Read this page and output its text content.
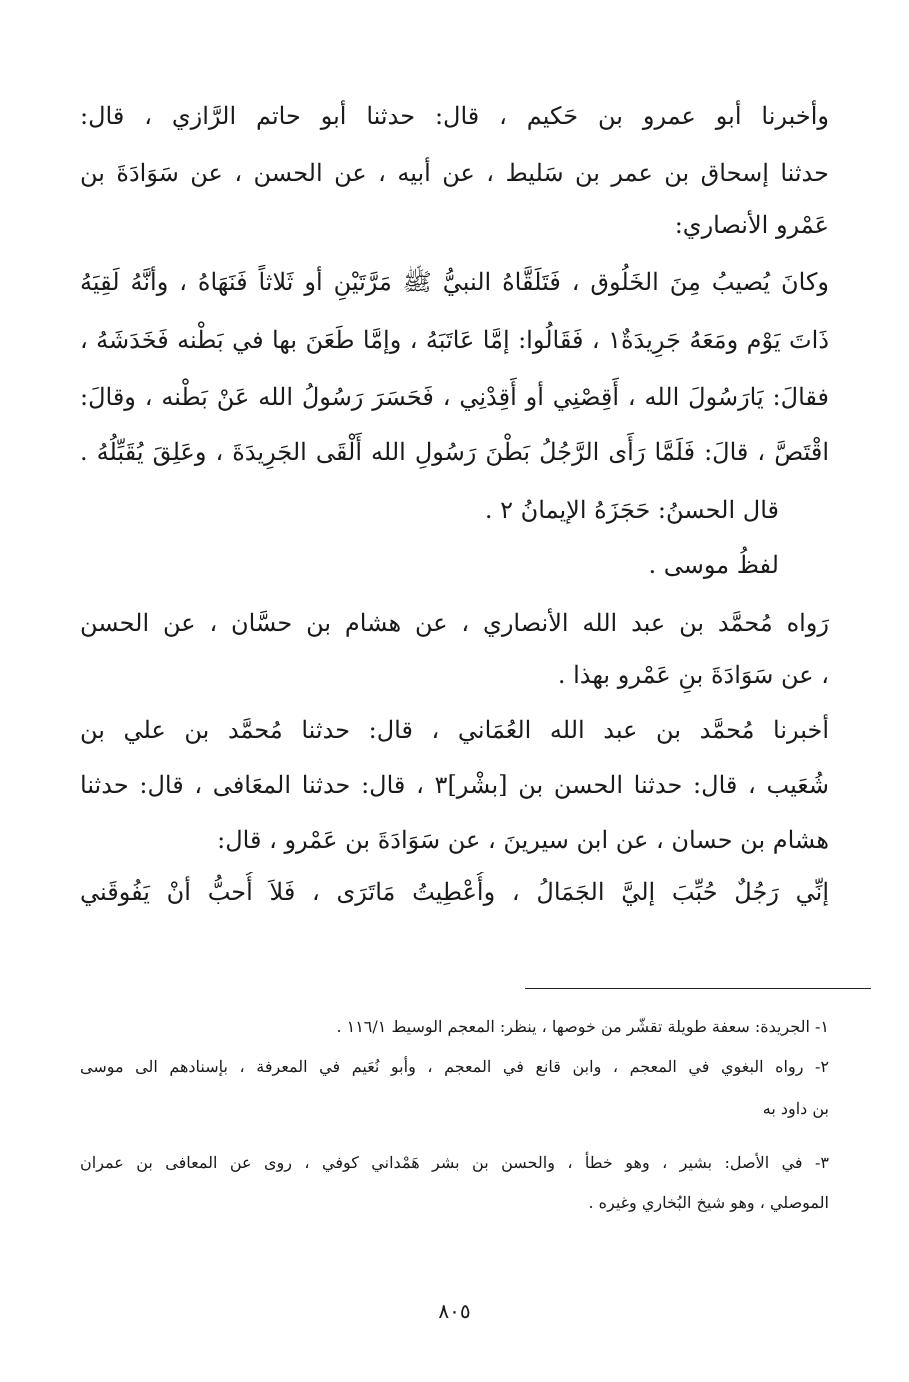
وأخبرنا أبو عمرو بن حَكيم ، قال: حدثنا أبو حاتم الرَّازي ، قال:
حدثنا إسحاق بن عمر بن سَليط ، عن أبيه ، عن الحسن ، عن سَوَادَةَ بن
عَمْرو الأنصاري:
وكانَ يُصيبُ مِنَ الخَلُوق ، فَتَلَقَّاهُ النبيُّ ﷺ مَرَّتَيْنِ أو ثَلاثاً فَنَهَاهُ ، وأنَّهُ لَقِيَهُ
ذَاتَ يَوْم ومَعَهُ جَرِيدَةٌ١ ، فَقَالُوا: إمَّا عَاتَبَهُ ، وإمَّا طَعَنَ بها في بَطْنه فَخَدَشَهُ ،
فقالَ: يَارَسُولَ الله ، أَقِصْنِي أو أَقِدْنِي ، فَحَسَرَ رَسُولُ الله عَنْ بَطْنه ، وقالَ:
اقْتَصَّ ، قالَ: فَلَمَّا رَأَى الرَّجُلُ بَطْنَ رَسُولِ الله أَلْقَى الجَرِيدَةَ ، وعَلِقَ يُقَبِّلُهُ .
قال الحسنُ: حَجَزَهُ الإيمانُ ٢ .
لفظُ موسى .
رَواه مُحمَّد بن عبد الله الأنصاري ، عن هشام بن حسَّان ، عن الحسن
، عن سَوَادَةَ بنِ عَمْرو بهذا .
أخبرنا مُحمَّد بن عبد الله العُمَاني ، قال: حدثنا مُحمَّد بن علي بن
شُعَيب ، قال: حدثنا الحسن بن [بشْر]٣ ، قال: حدثنا المعَافى ، قال: حدثنا
هشام بن حسان ، عن ابن سيرينَ ، عن سَوَادَةَ بن عَمْرو ، قال:
إنِّي رَجُلٌ حُبِّبَ إليَّ الجَمَالُ ، وأُعْطِيتُ مَاتَرَى ، فَلاَ أُحبُّ أنْ يَفُوقَني
١- الجريدة: سعفة طويلة تقشّر من خوصها ، ينظر: المعجم الوسيط ١١٦/١ .
٢- رواه البغوي في المعجم ، وابن قانع في المعجم ، وأبو نُعَيم في المعرفة ، بإسنادهم الى موسى
بن داود به
٣- في الأصل: بشير ، وهو خطأ ، والحسن بن بشر هَمْداني كوفي ، روى عن المعافى بن عمران
الموصلي ، وهو شيخ البُخاري وغيره .
٨٠٥
